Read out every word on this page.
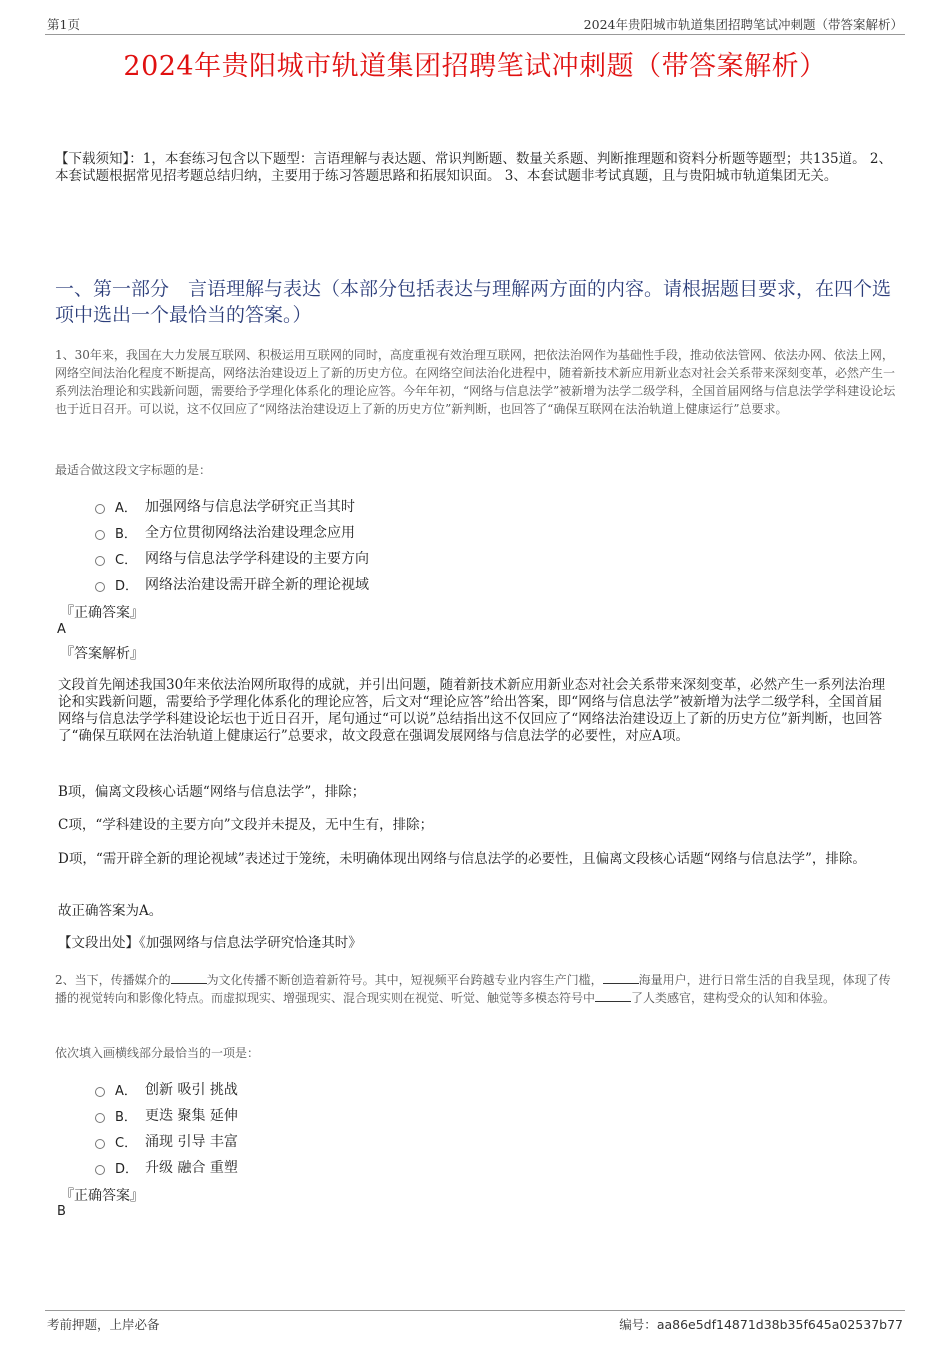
第1页	2024年贵阳城市轨道集团招聘笔试冲刺题（带答案解析）
2024年贵阳城市轨道集团招聘笔试冲刺题（带答案解析）
【下载须知】：1，本套练习包含以下题型：言语理解与表达题、常识判断题、数量关系题、判断推理题和资料分析题等题型；共135道。 2、本套试题根据常见招考题总结归纳，主要用于练习答题思路和拓展知识面。 3、本套试题非考试真题，且与贵阳城市轨道集团无关。
一、第一部分　言语理解与表达（本部分包括表达与理解两方面的内容。请根据题目要求，在四个选项中选出一个最恰当的答案。）
1、30年来，我国在大力发展互联网、积极运用互联网的同时，高度重视有效治理互联网，把依法治网作为基础性手段，推动依法管网、依法办网、依法上网，网络空间法治化程度不断提高，网络法治建设迈上了新的历史方位。在网络空间法治化进程中，随着新技术新应用新业态对社会关系带来深刻变革，必然产生一系列法治理论和实践新问题，需要给予学理化体系化的理论应答。今年年初，“网络与信息法学”被新增为法学二级学科，全国首届网络与信息法学学科建设论坛也于近日召开。可以说，这不仅回应了“网络法治建设迈上了新的历史方位”新判断，也回答了“确保互联网在法治轨道上健康运行”总要求。
最适合做这段文字标题的是：
A． 加强网络与信息法学研究正当其时
B． 全方位贯彻网络法治建设理念应用
C． 网络与信息法学学科建设的主要方向
D． 网络法治建设需开辟全新的理论视域
『正确答案』
A
『答案解析』
文段首先阐述我国30年来依法治网所取得的成就，并引出问题，随着新技术新应用新业态对社会关系带来深刻变革，必然产生一系列法治理论和实践新问题，需要给予学理化体系化的理论应答，后文对“理论应答”给出答案，即“网络与信息法学”被新增为法学二级学科，全国首届网络与信息法学学科建设论坛也于近日召开，尾句通过“可以说”总结指出这不仅回应了“网络法治建设迈上了新的历史方位”新判断，也回答了“确保互联网在法治轨道上健康运行”总要求，故文段意在强调发展网络与信息法学的必要性，对应A项。
B项，偏离文段核心话题“网络与信息法学”，排除；
C项，“学科建设的主要方向”文段并未提及，无中生有，排除；
D项，“需开辟全新的理论视域”表述过于笼统，未明确体现出网络与信息法学的必要性，且偏离文段核心话题“网络与信息法学”，排除。
故正确答案为A。
【文段出处】《加强网络与信息法学研究恰逢其时》
2、当下，传播媒介的	为文化传播不断创造着新符号。其中，短视频平台跨越专业内容生产门槛，	海量用户，进行日常生活的自我呈现，体现了传播的视觉转向和影像化特点。而虚拟现实、增强现实、混合现实则在视觉、听觉、触觉等多模态符号中	了人类感官，建构受众的认知和体验。
依次填入画横线部分最恰当的一项是：
A． 创新 吸引 挑战
B． 更迭 聚集 延伸
C． 涌现 引导 丰富
D． 升级 融合 重塑
『正确答案』
B
考前押题，上岸必备	编号：aa86e5df14871d38b35f645a02537b77
